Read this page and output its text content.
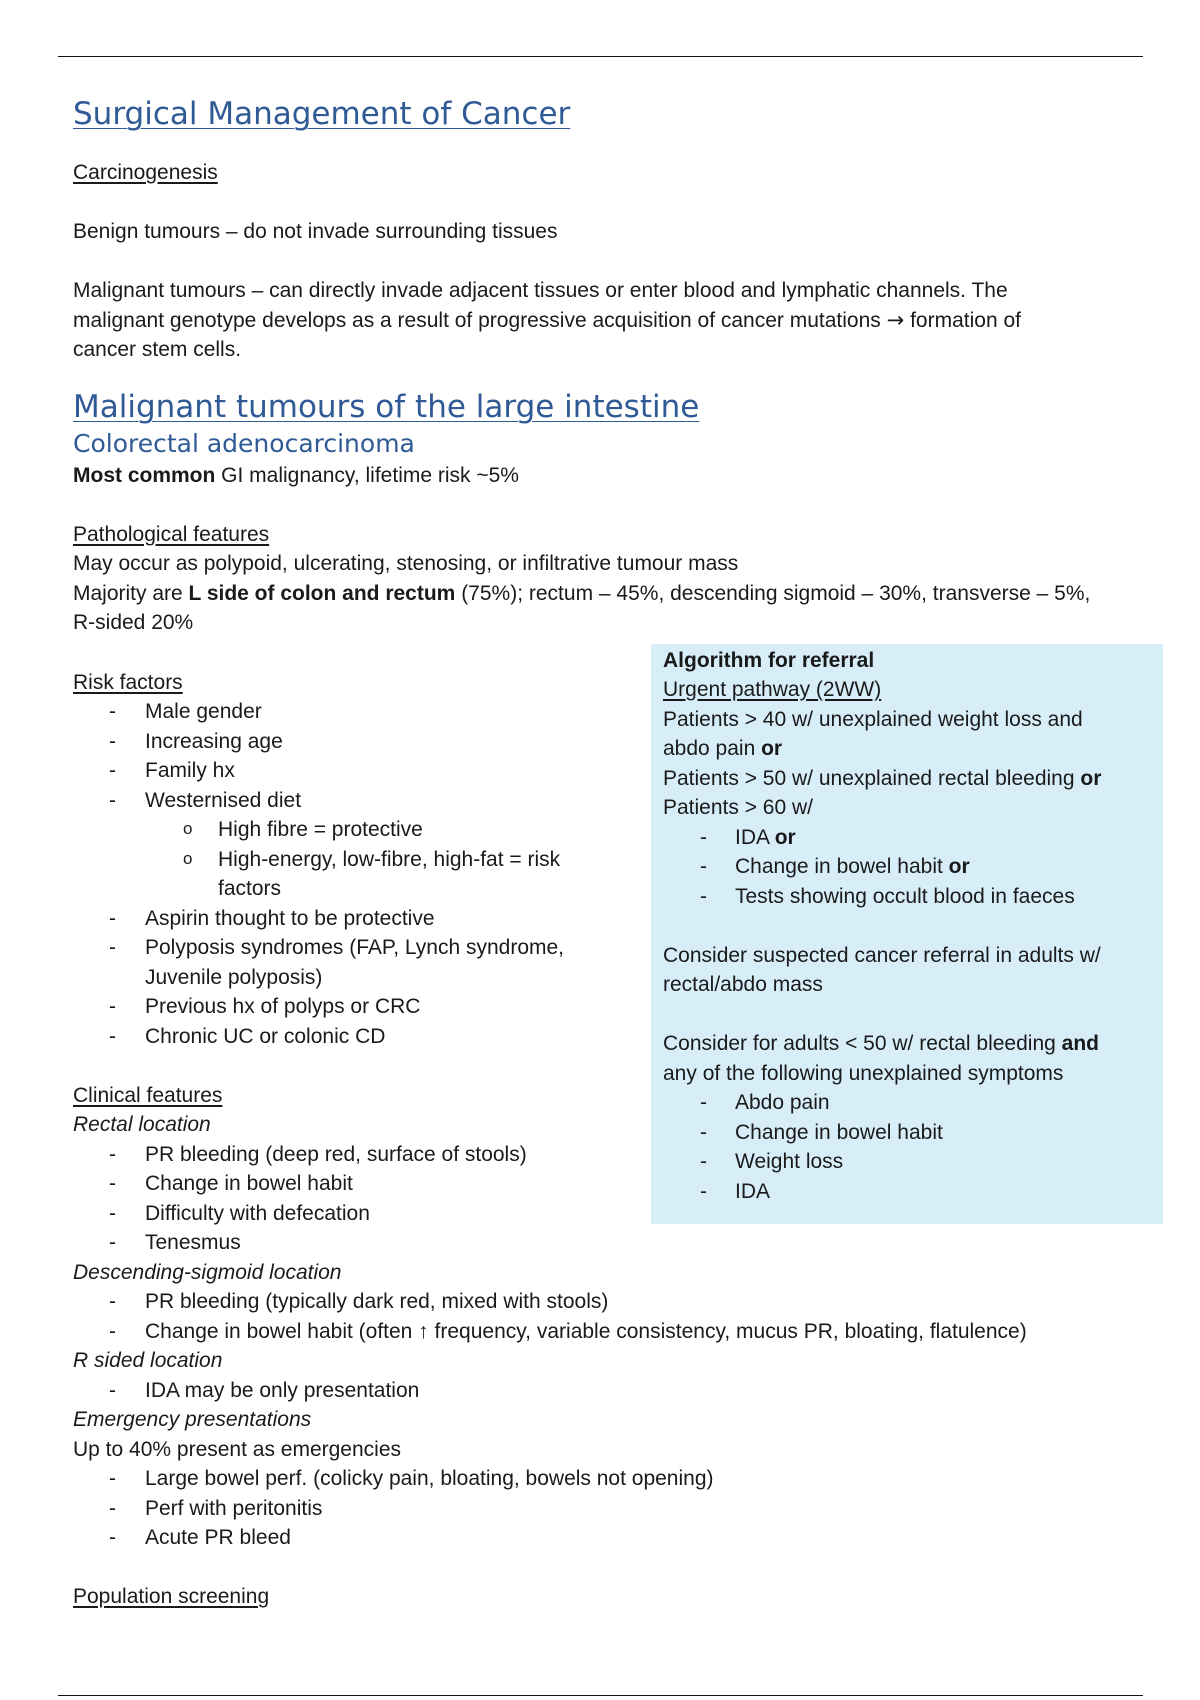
Surgical Management of Cancer
Carcinogenesis
Benign tumours – do not invade surrounding tissues
Malignant tumours – can directly invade adjacent tissues or enter blood and lymphatic channels. The
malignant genotype develops as a result of progressive acquisition of cancer mutations → formation of
cancer stem cells.
Malignant tumours of the large intestine
Colorectal adenocarcinoma
Most common GI malignancy, lifetime risk ~5%
Pathological features
May occur as polypoid, ulcerating, stenosing, or infiltrative tumour mass
Majority are L side of colon and rectum (75%); rectum – 45%, descending sigmoid – 30%, transverse – 5%,
R-sided 20%
Risk factors
- Male gender
- Increasing age
- Family hx
- Westernised diet
o High fibre = protective
o High-energy, low-fibre, high-fat = risk
factors
- Aspirin thought to be protective
- Polyposis syndromes (FAP, Lynch syndrome,
Juvenile polyposis)
- Previous hx of polyps or CRC
- Chronic UC or colonic CD
Algorithm for referral
Urgent pathway (2WW)
Patients > 40 w/ unexplained weight loss and
abdo pain or
Patients > 50 w/ unexplained rectal bleeding or
Patients > 60 w/
- IDA or
- Change in bowel habit or
- Tests showing occult blood in faeces
Consider suspected cancer referral in adults w/
rectal/abdo mass
Consider for adults < 50 w/ rectal bleeding and
any of the following unexplained symptoms
- Abdo pain
- Change in bowel habit
- Weight loss
- IDA
Clinical features
Rectal location
- PR bleeding (deep red, surface of stools)
- Change in bowel habit
- Difficulty with defecation
- Tenesmus
Descending-sigmoid location
- PR bleeding (typically dark red, mixed with stools)
- Change in bowel habit (often ↑ frequency, variable consistency, mucus PR, bloating, flatulence)
R sided location
- IDA may be only presentation
Emergency presentations
Up to 40% present as emergencies
- Large bowel perf. (colicky pain, bloating, bowels not opening)
- Perf with peritonitis
- Acute PR bleed
Population screening
